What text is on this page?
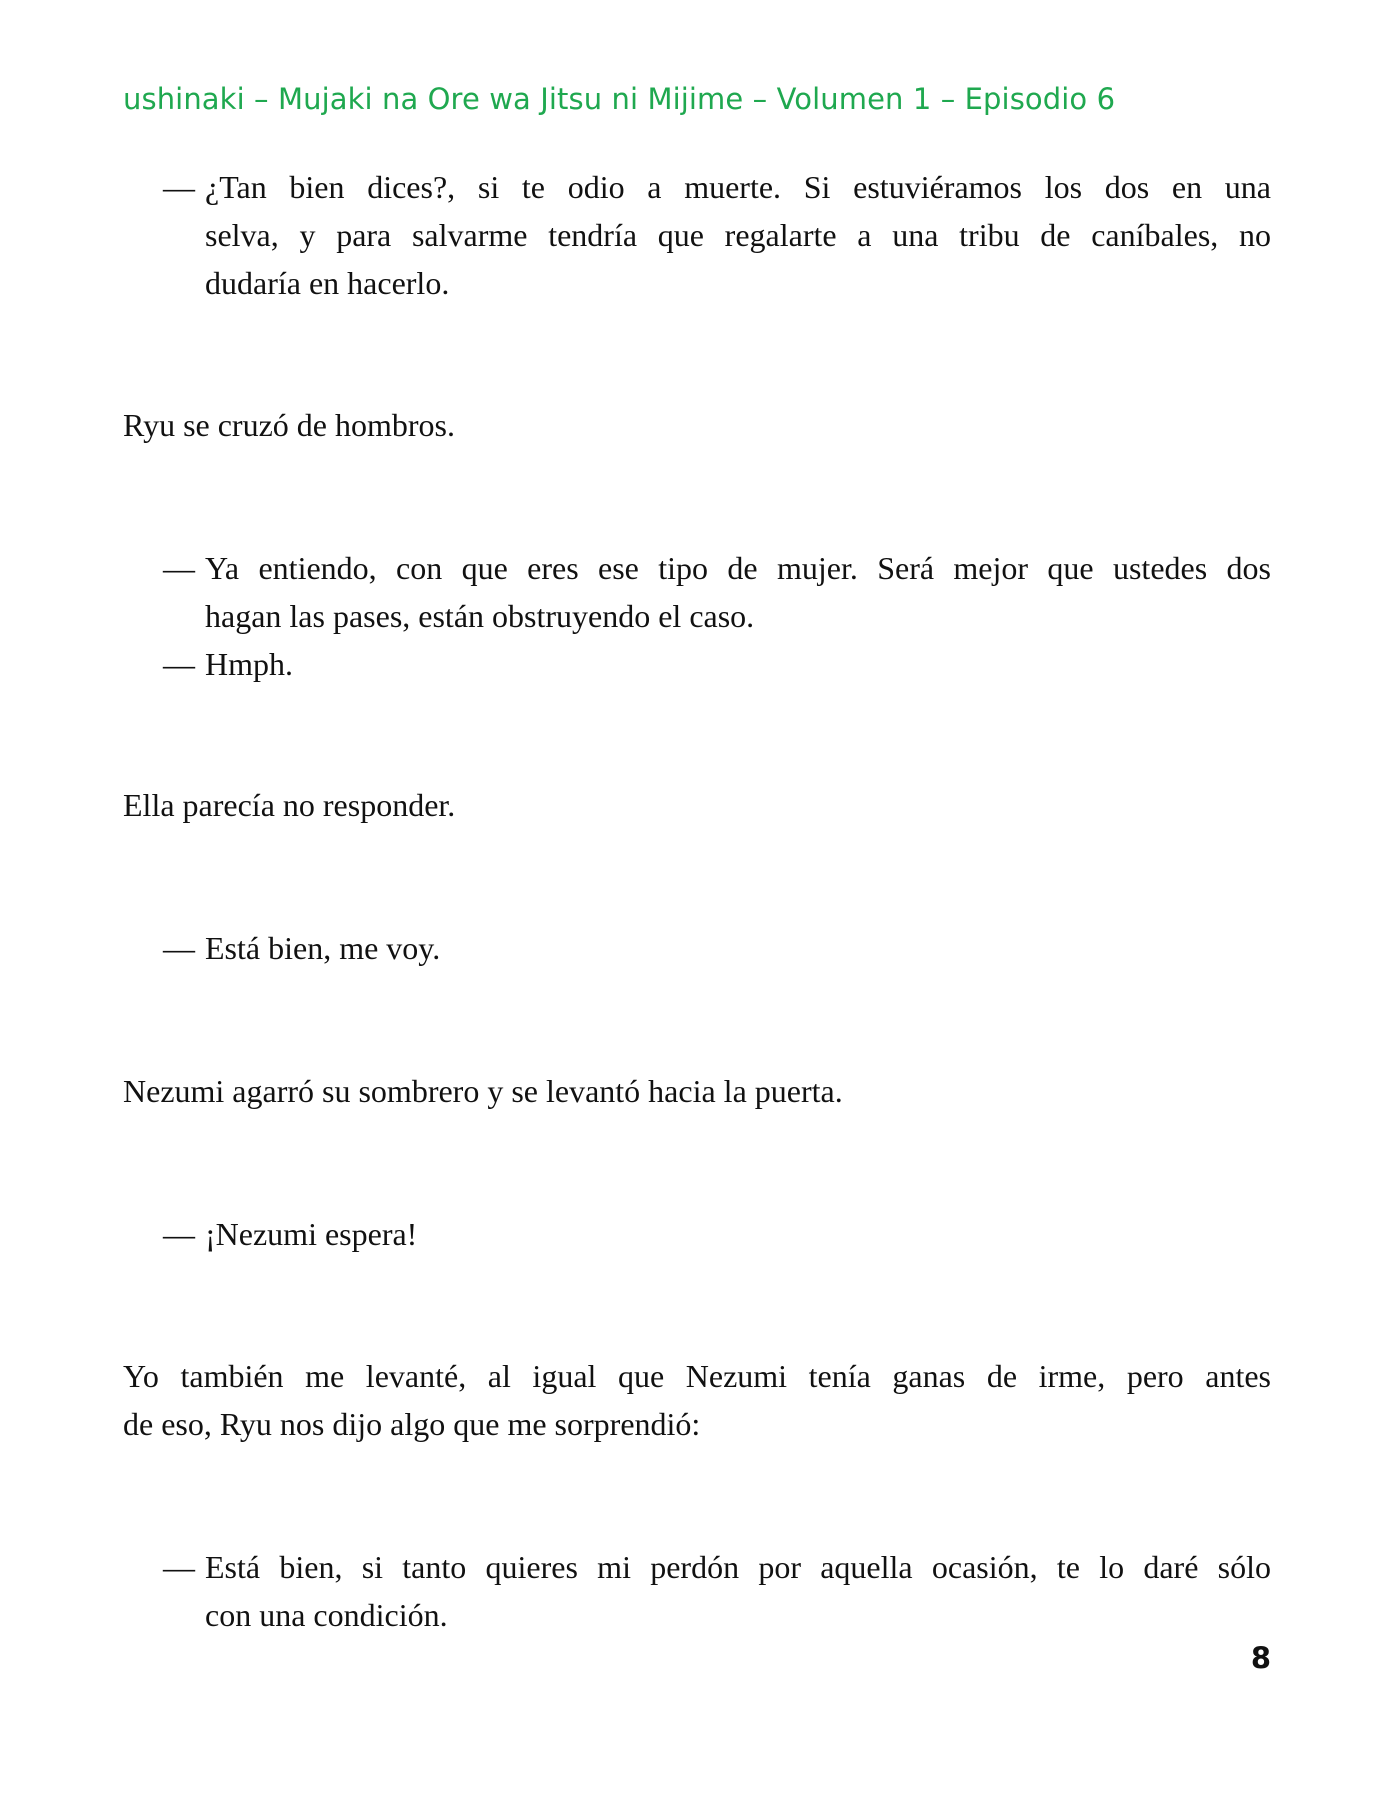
ushinaki – Mujaki na Ore wa Jitsu ni Mijime – Volumen 1 – Episodio 6
— ¿Tan bien dices?, si te odio a muerte. Si estuviéramos los dos en una
selva, y para salvarme tendría que regalarte a una tribu de caníbales, no
dudaría en hacerlo.
Ryu se cruzó de hombros.
— Ya entiendo, con que eres ese tipo de mujer. Será mejor que ustedes dos
hagan las pases, están obstruyendo el caso.
— Hmph.
Ella parecía no responder.
— Está bien, me voy.
Nezumi agarró su sombrero y se levantó hacia la puerta.
— ¡Nezumi espera!
Yo también me levanté, al igual que Nezumi tenía ganas de irme, pero antes
de eso, Ryu nos dijo algo que me sorprendió:
— Está bien, si tanto quieres mi perdón por aquella ocasión, te lo daré sólo
con una condición.
8
